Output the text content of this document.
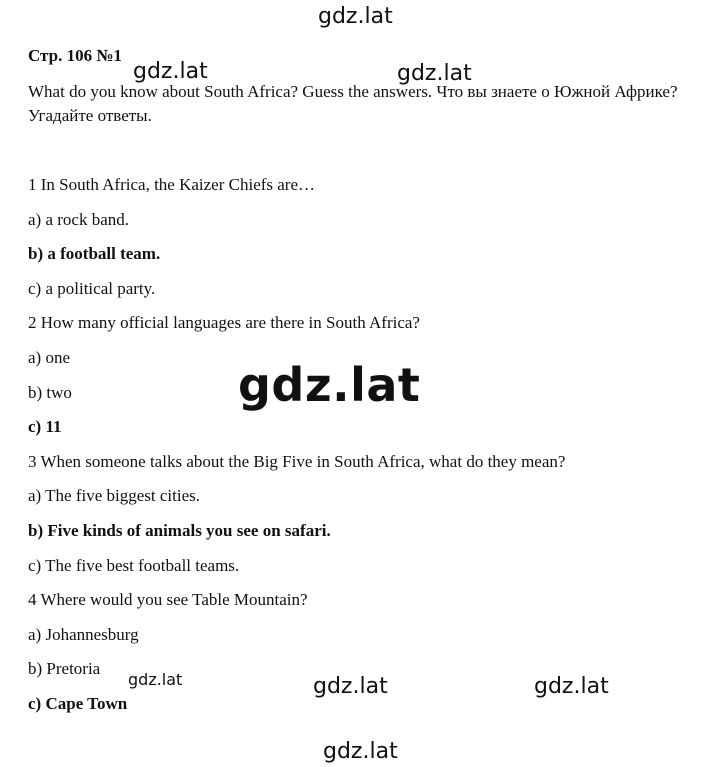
gdz.lat
Стр. 106 №1
gdz.lat	gdz.lat
What do you know about South Africa? Guess the answers. Что вы знаете о Южной Африке? Угадайте ответы.
1 In South Africa, the Kaizer Chiefs are…
a) a rock band.
b) a football team.
c) a political party.
2 How many official languages are there in South Africa?
a) one
b) two
c) 11
3 When someone talks about the Big Five in South Africa, what do they mean?
a) The five biggest cities.
b) Five kinds of animals you see on safari.
c) The five best football teams.
4 Where would you see Table Mountain?
a) Johannesburg
b) Pretoria
c) Cape Town
gdz.lat
gdz.lat	gdz.lat	gdz.lat
gdz.lat
